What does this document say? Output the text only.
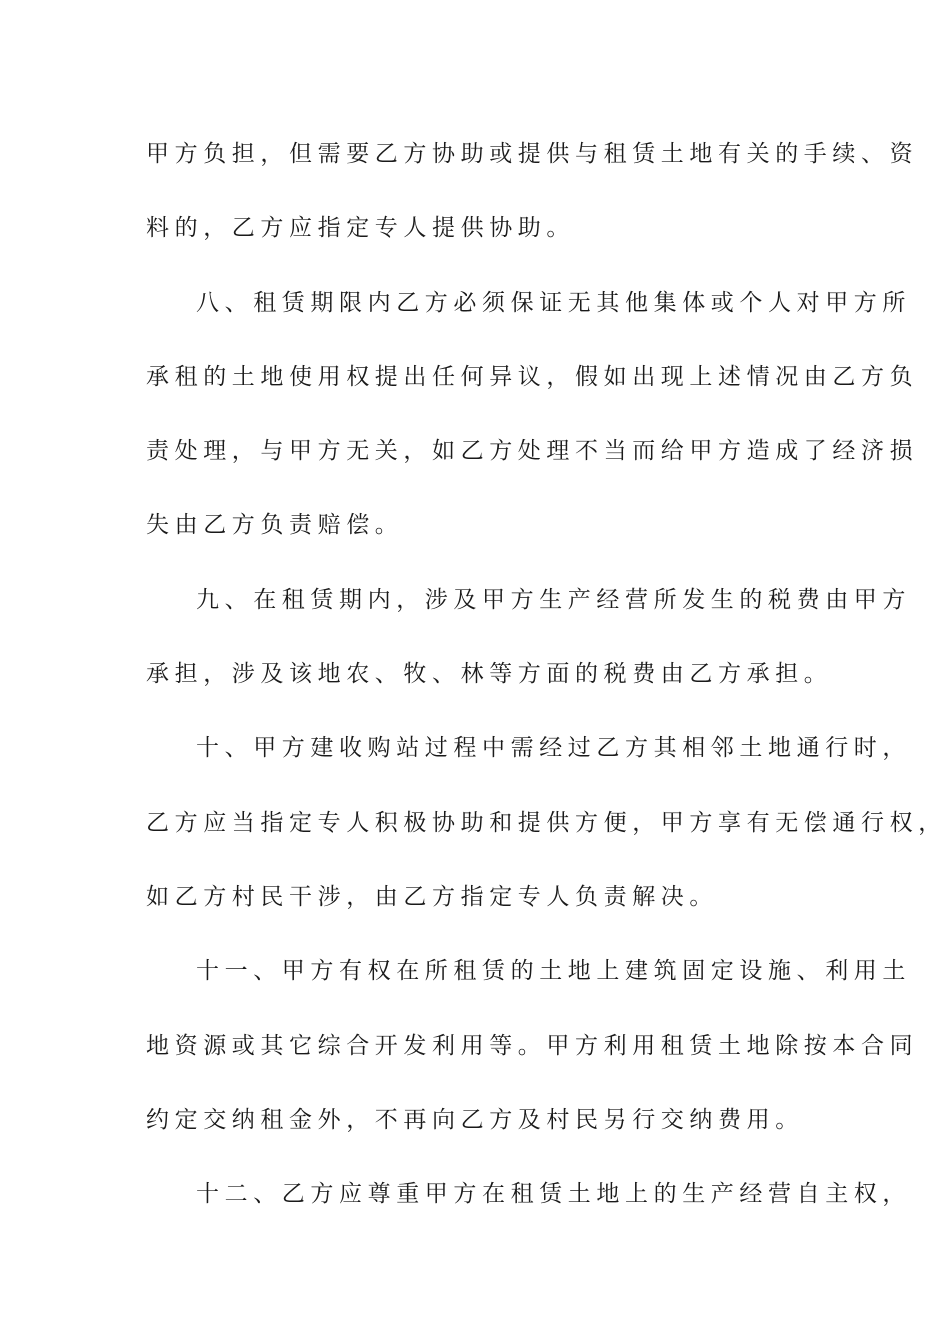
甲方负担，但需要乙方协助或提供与租赁土地有关的手续、资
料的，乙方应指定专人提供协助。
八、租赁期限内乙方必须保证无其他集体或个人对甲方所
承租的土地使用权提出任何异议，假如出现上述情况由乙方负
责处理，与甲方无关，如乙方处理不当而给甲方造成了经济损
失由乙方负责赔偿。
九、在租赁期内，涉及甲方生产经营所发生的税费由甲方
承担，涉及该地农、牧、林等方面的税费由乙方承担。
十、甲方建收购站过程中需经过乙方其相邻土地通行时，
乙方应当指定专人积极协助和提供方便，甲方享有无偿通行权，
如乙方村民干涉，由乙方指定专人负责解决。
十一、甲方有权在所租赁的土地上建筑固定设施、利用土
地资源或其它综合开发利用等。甲方利用租赁土地除按本合同
约定交纳租金外，不再向乙方及村民另行交纳费用。
十二、乙方应尊重甲方在租赁土地上的生产经营自主权，
